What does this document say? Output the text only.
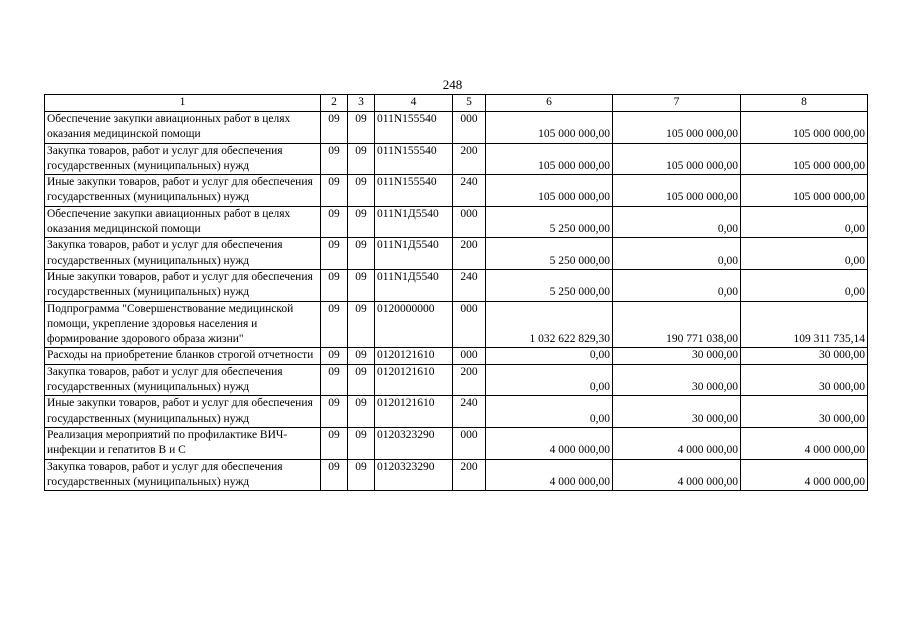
248
1	2	3	4	5	6	7	8
Обеспечение закупки авиационных работ в целях оказания медицинской помощи	09	09	011N155540	000	105 000 000,00	105 000 000,00	105 000 000,00
Закупка товаров, работ и услуг для обеспечения государственных (муниципальных) нужд	09	09	011N155540	200	105 000 000,00	105 000 000,00	105 000 000,00
Иные закупки товаров, работ и услуг для обеспечения государственных (муниципальных) нужд	09	09	011N155540	240	105 000 000,00	105 000 000,00	105 000 000,00
Обеспечение закупки авиационных работ в целях оказания медицинской помощи	09	09	011N1Д5540	000	5 250 000,00	0,00	0,00
Закупка товаров, работ и услуг для обеспечения государственных (муниципальных) нужд	09	09	011N1Д5540	200	5 250 000,00	0,00	0,00
Иные закупки товаров, работ и услуг для обеспечения государственных (муниципальных) нужд	09	09	011N1Д5540	240	5 250 000,00	0,00	0,00
Подпрограмма "Совершенствование медицинской помощи, укрепление здоровья населения и формирование здорового образа жизни"	09	09	0120000000	000	1 032 622 829,30	190 771 038,00	109 311 735,14
Расходы на приобретение бланков строгой отчетности	09	09	0120121610	000	0,00	30 000,00	30 000,00
Закупка товаров, работ и услуг для обеспечения государственных (муниципальных) нужд	09	09	0120121610	200	0,00	30 000,00	30 000,00
Иные закупки товаров, работ и услуг для обеспечения государственных (муниципальных) нужд	09	09	0120121610	240	0,00	30 000,00	30 000,00
Реализация мероприятий по профилактике ВИЧ-инфекции и гепатитов В и С	09	09	0120323290	000	4 000 000,00	4 000 000,00	4 000 000,00
Закупка товаров, работ и услуг для обеспечения государственных (муниципальных) нужд	09	09	0120323290	200	4 000 000,00	4 000 000,00	4 000 000,00
